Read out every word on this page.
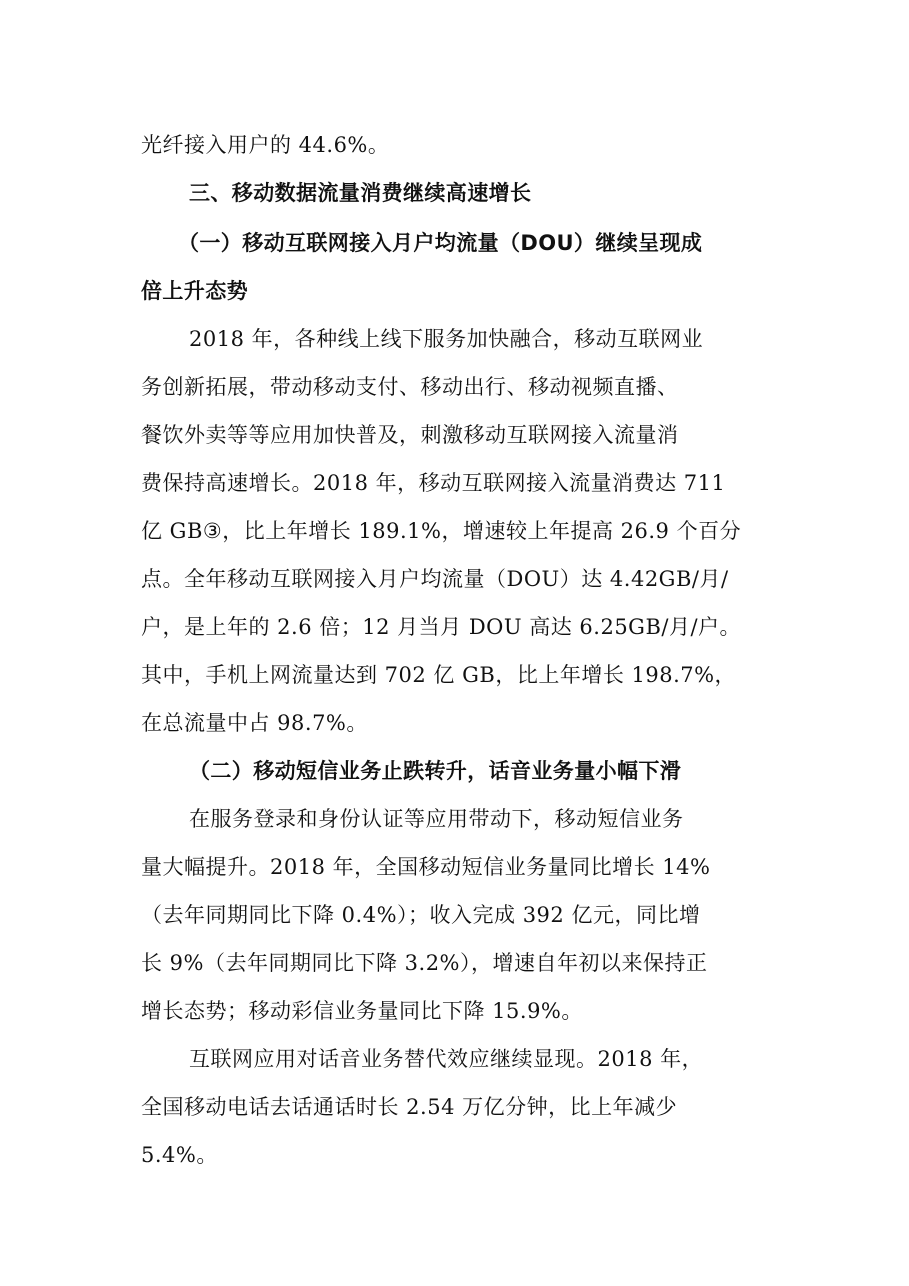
光纤接入用户的 44.6%。
三、移动数据流量消费继续高速增长
（一）移动互联网接入月户均流量（DOU）继续呈现成
倍上升态势
2018 年，各种线上线下服务加快融合，移动互联网业
务创新拓展，带动移动支付、移动出行、移动视频直播、
餐饮外卖等等应用加快普及，刺激移动互联网接入流量消
费保持高速增长。2018 年，移动互联网接入流量消费达 711
亿 GB③，比上年增长 189.1%，增速较上年提高 26.9 个百分
点。全年移动互联网接入月户均流量（DOU）达 4.42GB/月/
户，是上年的 2.6 倍；12 月当月 DOU 高达 6.25GB/月/户。
其中，手机上网流量达到 702 亿 GB，比上年增长 198.7%，
在总流量中占 98.7%。
（二）移动短信业务止跌转升，话音业务量小幅下滑
在服务登录和身份认证等应用带动下，移动短信业务
量大幅提升。2018 年，全国移动短信业务量同比增长 14%
（去年同期同比下降 0.4%）；收入完成 392 亿元，同比增
长 9%（去年同期同比下降 3.2%），增速自年初以来保持正
增长态势；移动彩信业务量同比下降 15.9%。
互联网应用对话音业务替代效应继续显现。2018 年，
全国移动电话去话通话时长 2.54 万亿分钟，比上年减少
5.4%。
